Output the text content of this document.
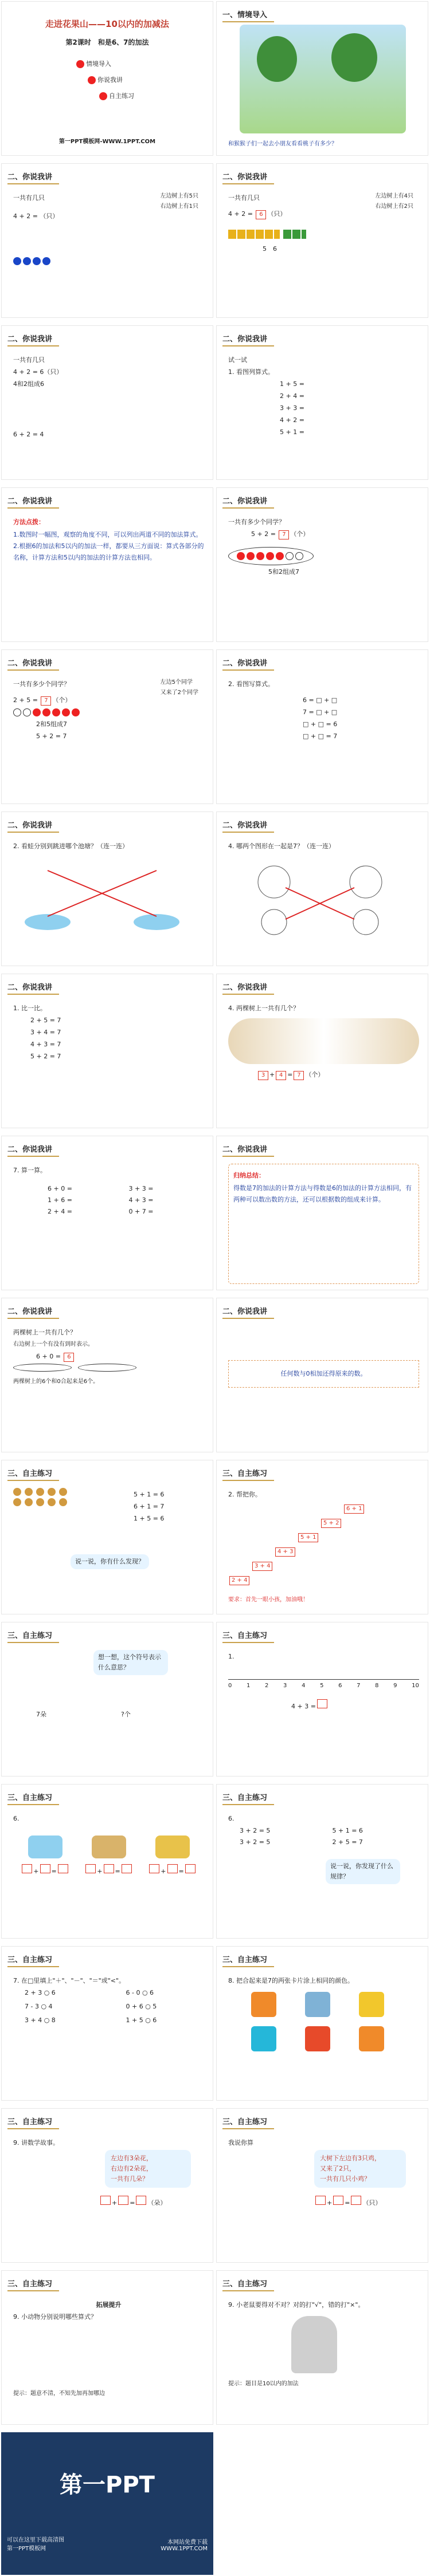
走进花果山——10以内的加减法
第2课时　和是6、7的加法
情境导入
你说我讲
自主练习
第一PPT模板网-WWW.1PPT.COM
一、情境导入
和猴猴子们一起去小朋友看看桃子有多少？
二、你说我讲
一共有几只	左边树上有5只
右边树上有1只
4 + 2 = （只）
二、你说我讲
一共有几只	左边树上有4只
右边树上有2只
4 + 2 = 6 （只）
5　 6
二、你说我讲
一共有几只
4 + 2 = 6（只）
4和2组成6
6 + 2 = 4
二、你说我讲
试一试
1. 看图列算式。
1 + 5 =
2 + 4 =
3 + 3 =
4 + 2 =
5 + 1 =
二、你说我讲
方法点拨：
1.数图时一幅图，观察的角度不同，可以列出两道不同的加法算式。2.根据6的加法和5以内的加法一样，都要从三方面说：算式各部分的名称，计算方法和5以内的加法的计算方法也相同。
二、你说我讲
一共有多少个同学？
5 + 2 = 7 （个）
5和2组成7
二、你说我讲
一共有多少个同学？	左边5个同学
又来了2个同学
2 + 5 = 7 （个）
2和5组成7
5 + 2 = 7
二、你说我讲
2. 看图写算式。
6 = □ + □
7 = □ + □
□ + □ = 6
□ + □ = 7
二、你说我讲
2. 看蛙分别到跳进哪个池塘？（连一连）
二、你说我讲
4. 哪两个图形在一起是7？（连一连）
二、你说我讲
1. 比一比。
2 + 5 = 7
3 + 4 = 7
4 + 3 = 7
5 + 2 = 7
二、你说我讲
4. 两棵树上一共有几个？
3 + 4 = 7 （个）
二、你说我讲
7. 算一算。
6 + 0 =	3 + 3 =
1 + 6 =	4 + 3 =
2 + 4 =	0 + 7 =
二、你说我讲
归纳总结：
得数是7的加法的计算方法与得数是6的加法的计算方法相同，有两种可以数出数的方法，还可以根据数的组成来计算。
二、你说我讲
两棵树上一共有几个？
右边树上一个有没有到时表示。
6 + 0 = 6

两棵树上的6个和0合起来是6个。
二、你说我讲
任何数与0相加还得原来的数。
三、自主练习
5 + 1 = 6
6 + 1 = 7
1 + 5 = 6
说一说，你有什么发现？
三、自主练习
2. 帮把你。
2 + 4
3 + 4
4 + 3
5 + 1
5 + 2
6 + 1
要求：首先一眼小孩，加油哦！
三、自主练习
想一想，这个符号表示什么意思？
7朵	?个
三、自主练习
1.
0	1	2	3	4	5	6	7	8	9	10
4 + 3 =
三、自主练习
6.
+ =	+ =	+ =
三、自主练习
6.
3 + 2 = 5	5 + 1 = 6
3 + 2 = 5	2 + 5 = 7
说一说，你发现了什么规律？
三、自主练习
7. 在□里填上"＋"、"－"、"＝"或"<"。
2 + 3 ○ 6	6 - 0 ○ 6
7 - 3 ○ 4	0 + 6 ○ 5
3 + 4 ○ 8	1 + 5 ○ 6
三、自主练习
8. 把合起来是7的两张卡片涂上相同的颜色。
三、自主练习
9. 讲数学故事。
左边有3朵花，
右边有2朵花，
一共有几朵？
+ = （朵）
三、自主练习
我说你算
大树下左边有3只鸡，
又来了2只，
一共有几只小鸡？
+ = （只）
三、自主练习
拓展提升
9. 小动物分别说明哪些算式？
提示：题意不清，不知先加再加哪边
三、自主练习
9. 小老鼠要得对不对？对的打"√"，错的打"×"。
提示：题目是10以内的加法
第一PPT
可以在这里下载高清图
第一PPT模板网
本网站免费下载
WWW.1PPT.COM
